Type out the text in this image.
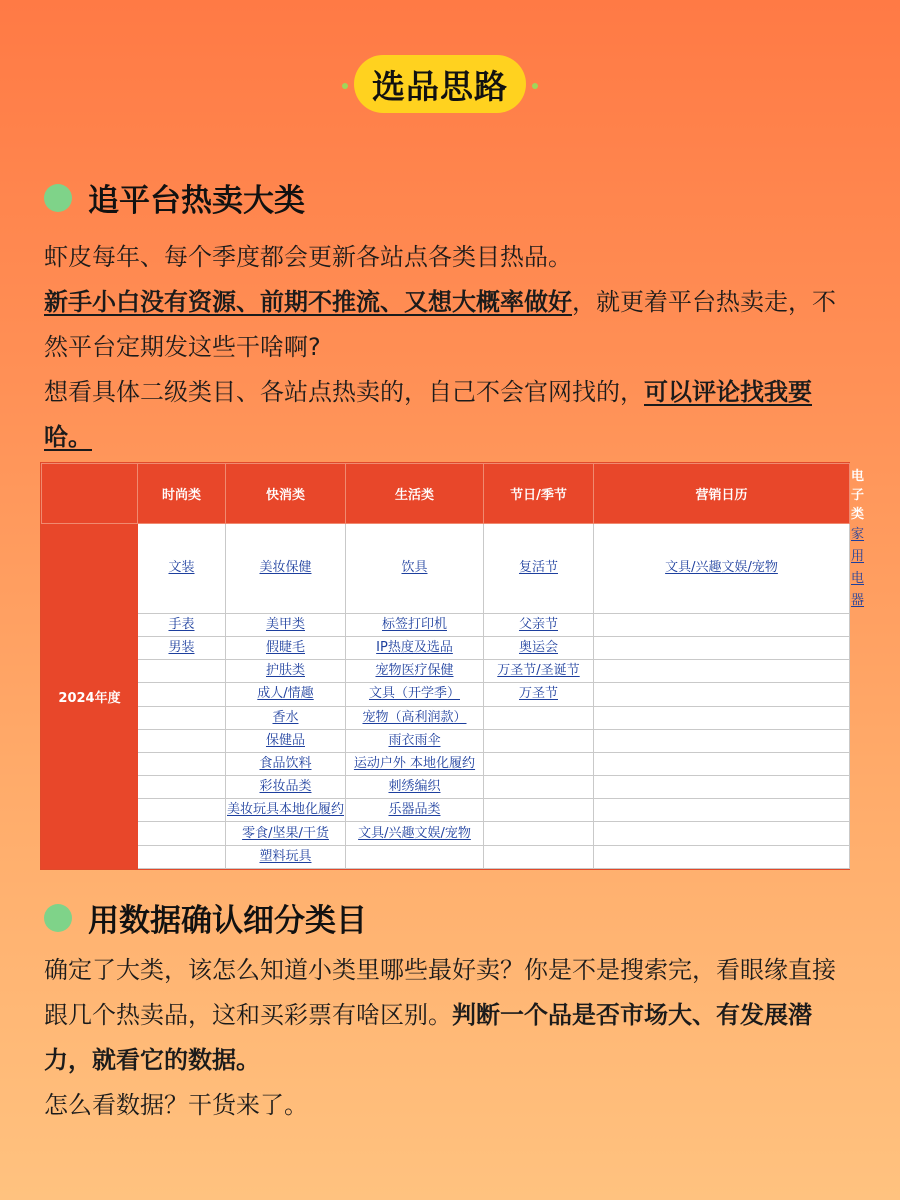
选品思路
追平台热卖大类

虾皮每年、每个季度都会更新各站点各类目热品。

新手小白没有资源、前期不推流、又想大概率做好，就更着平台热卖走，不然平台定期发这些干啥啊?

想看具体二级类目、各站点热卖的，自己不会官网找的，可以评论找我要哈。

	时尚类	快消类	生活类	节日/季节	营销日历	电子类
2024年度	文装	美妆保健	饮具	复活节	文具/兴趣文娱/宠物	家用电器
	手表	美甲类	标签打印机	父亲节		
	男装	假睫毛	IP热度及选品	奥运会		
		护肤类	宠物医疗保健	万圣节/圣诞节		
		成人/情趣	文具（开学季）	万圣节		
		香水	宠物（高利润款）			
		保健品	雨衣雨伞			
		食品饮料	运动户外 本地化履约			
		彩妆品类	刺绣编织			
		美妆玩具本地化履约	乐器品类			
		零食/坚果/干货	文具/兴趣文娱/宠物			
		塑料玩具				
用数据确认细分类目

确定了大类，该怎么知道小类里哪些最好卖？你是不是搜索完，看眼缘直接跟几个热卖品，这和买彩票有啥区别。判断一个品是否市场大、有发展潜力，就看它的数据。

怎么看数据？干货来了。
